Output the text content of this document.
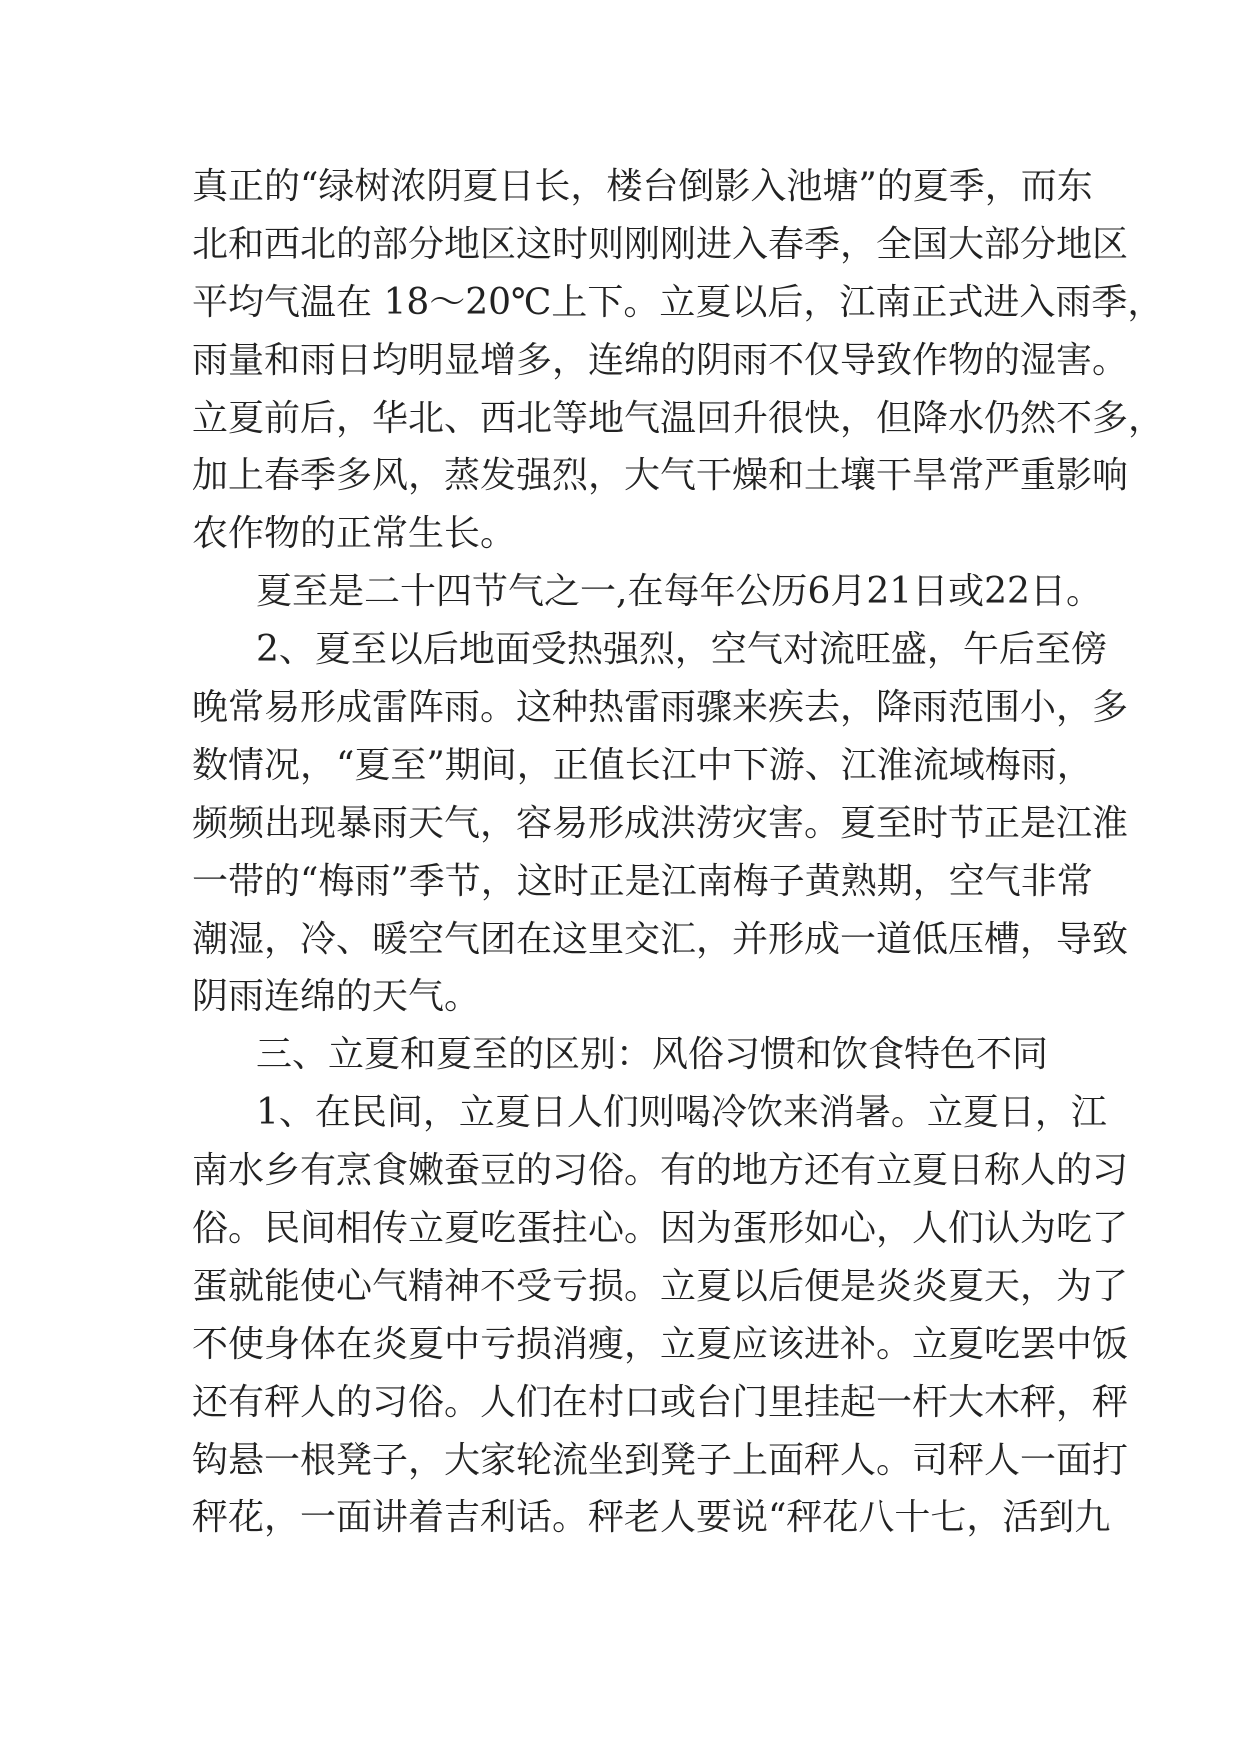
真正的“绿树浓阴夏日长，楼台倒影入池塘”的夏季，而东
北和西北的部分地区这时则刚刚进入春季，全国大部分地区
平均气温在 18～20℃上下。立夏以后，江南正式进入雨季，
雨量和雨日均明显增多，连绵的阴雨不仅导致作物的湿害。
立夏前后，华北、西北等地气温回升很快，但降水仍然不多，
加上春季多风，蒸发强烈，大气干燥和土壤干旱常严重影响
农作物的正常生长。
夏至是二十四节气之一,在每年公历6月21日或22日。
2、夏至以后地面受热强烈，空气对流旺盛，午后至傍
晚常易形成雷阵雨。这种热雷雨骤来疾去，降雨范围小，多
数情况，“夏至”期间，正值长江中下游、江淮流域梅雨，
频频出现暴雨天气，容易形成洪涝灾害。夏至时节正是江淮
一带的“梅雨”季节，这时正是江南梅子黄熟期，空气非常
潮湿，冷、暖空气团在这里交汇，并形成一道低压槽，导致
阴雨连绵的天气。
三、立夏和夏至的区别：风俗习惯和饮食特色不同
1、在民间，立夏日人们则喝冷饮来消暑。立夏日，江
南水乡有烹食嫩蚕豆的习俗。有的地方还有立夏日称人的习
俗。民间相传立夏吃蛋拄心。因为蛋形如心，人们认为吃了
蛋就能使心气精神不受亏损。立夏以后便是炎炎夏天，为了
不使身体在炎夏中亏损消瘦，立夏应该进补。立夏吃罢中饭
还有秤人的习俗。人们在村口或台门里挂起一杆大木秤，秤
钩悬一根凳子，大家轮流坐到凳子上面秤人。司秤人一面打
秤花，一面讲着吉利话。秤老人要说“秤花八十七，活到九
